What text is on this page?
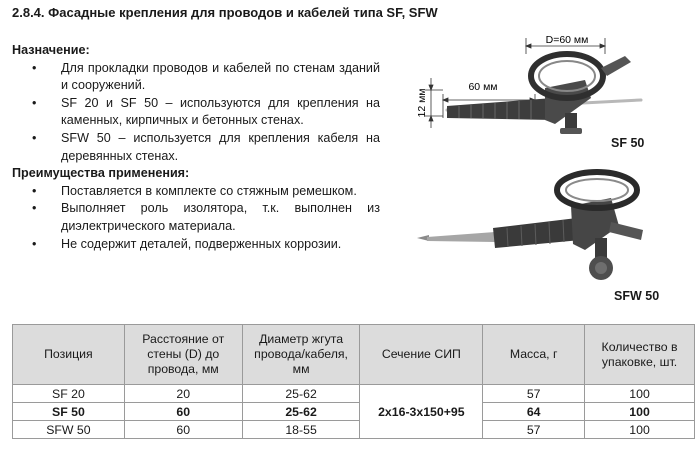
2.8.4. Фасадные крепления для проводов и кабелей типа SF, SFW
Назначение:
• Для прокладки проводов и кабелей по стенам зданий и сооружений.
• SF 20 и SF 50 – используются для крепления на каменных, кирпичных и бетонных стенах.
• SFW 50 – используется для крепления кабеля на деревянных стенах.
Преимущества применения:
• Поставляется в комплекте со стяжным ремешком.
• Выполняет роль изолятора, т.к. выполнен из диэлектрического материала.
• Не содержит деталей, подверженных коррозии.
D=60 мм
60 мм
12 мм
SF 50
SFW 50
Позиция	Расстояние от стены (D) до провода, мм	Диаметр жгута провода/кабеля, мм	Сечение СИП	Масса, г	Количество в упаковке, шт.
SF 20	20	25-62	2x16-3x150+95	57	100
SF 50	60	25-62		64	100
SFW 50	60	18-55		57	100
